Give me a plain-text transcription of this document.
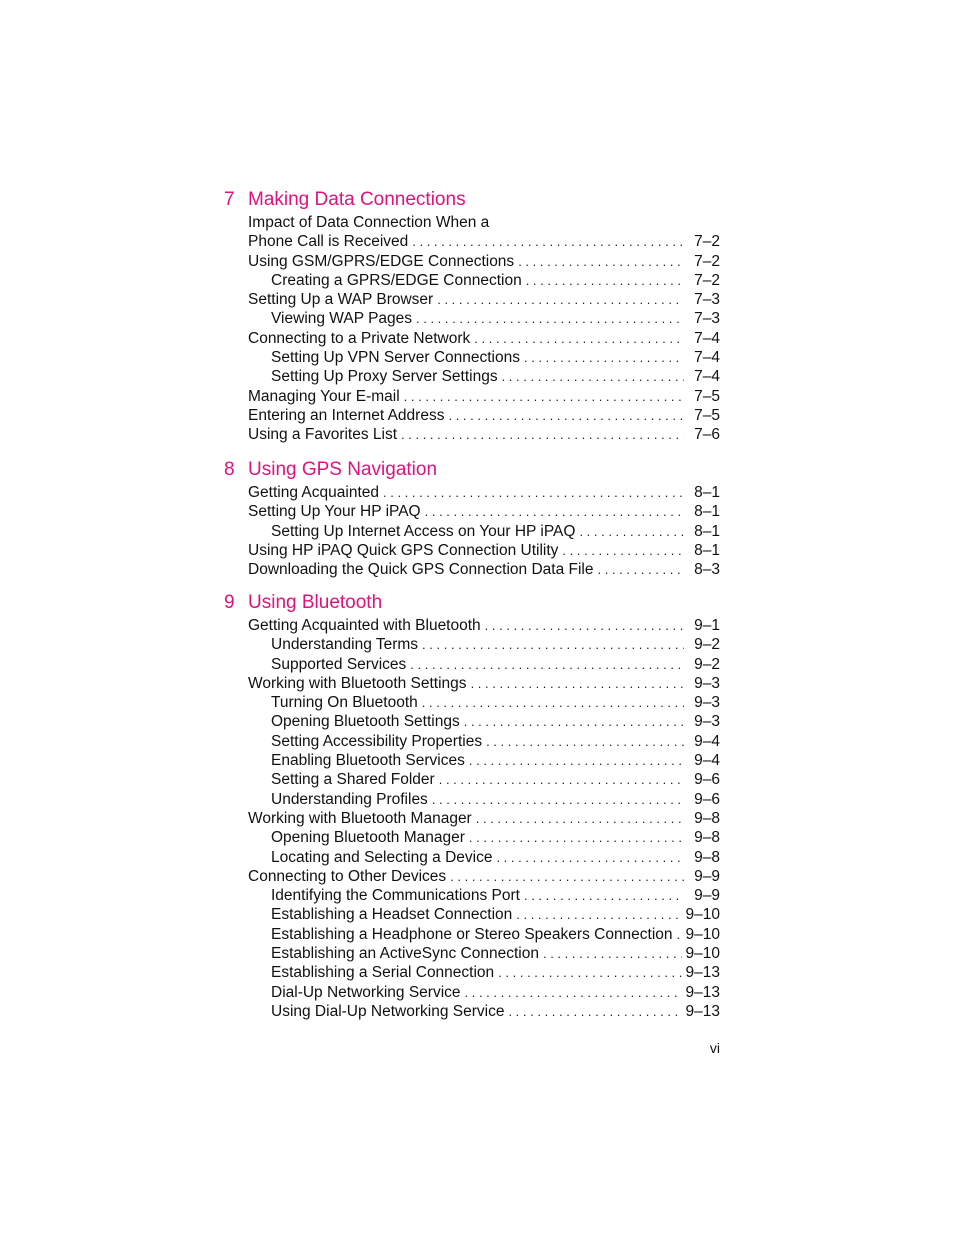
7 Making Data Connections
Impact of Data Connection When a
Phone Call is Received . . .	7–2
Using GSM/GPRS/EDGE Connections . . .	7–2
Creating a GPRS/EDGE Connection . . .	7–2
Setting Up a WAP Browser . . .	7–3
Viewing WAP Pages . . .	7–3
Connecting to a Private Network . . .	7–4
Setting Up VPN Server Connections . . .	7–4
Setting Up Proxy Server Settings . . .	7–4
Managing Your E-mail . . .	7–5
Entering an Internet Address . . .	7–5
Using a Favorites List . . .	7–6
8 Using GPS Navigation
Getting Acquainted . . .	8–1
Setting Up Your HP iPAQ . . .	8–1
Setting Up Internet Access on Your HP iPAQ . . .	8–1
Using HP iPAQ Quick GPS Connection Utility . . .	8–1
Downloading the Quick GPS Connection Data File . . .	8–3
9 Using Bluetooth
Getting Acquainted with Bluetooth . . .	9–1
Understanding Terms . . .	9–2
Supported Services . . .	9–2
Working with Bluetooth Settings . . .	9–3
Turning On Bluetooth . . .	9–3
Opening Bluetooth Settings . . .	9–3
Setting Accessibility Properties . . .	9–4
Enabling Bluetooth Services . . .	9–4
Setting a Shared Folder . . .	9–6
Understanding Profiles . . .	9–6
Working with Bluetooth Manager . . .	9–8
Opening Bluetooth Manager . . .	9–8
Locating and Selecting a Device . . .	9–8
Connecting to Other Devices . . .	9–9
Identifying the Communications Port . . .	9–9
Establishing a Headset Connection . . .	9–10
Establishing a Headphone or Stereo Speakers Connection . . . 9–10
Establishing an ActiveSync Connection . . .	9–10
Establishing a Serial Connection . . .	9–13
Dial-Up Networking Service . . .	9–13
Using Dial-Up Networking Service . . .	9–13
vi
